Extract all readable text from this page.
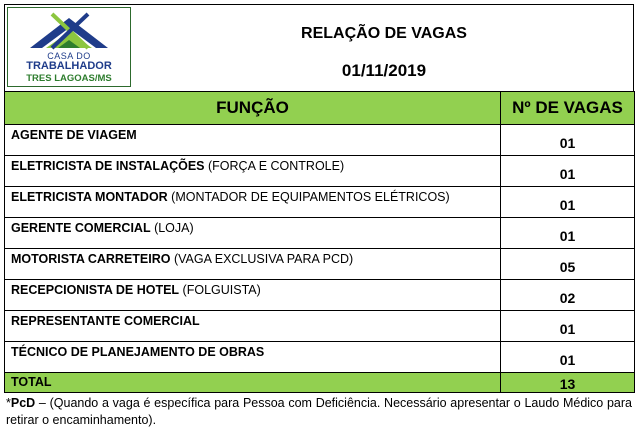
CASA DO
TRABALHADOR
TRES LAGOAS/MS
RELAÇÃO DE VAGAS
01/11/2019
FUNÇÃO	Nº DE VAGAS
AGENTE DE VIAGEM	01
ELETRICISTA DE INSTALAÇÕES (FORÇA E CONTROLE)	01
ELETRICISTA MONTADOR (MONTADOR DE EQUIPAMENTOS ELÉTRICOS)	01
GERENTE COMERCIAL (LOJA)	01
MOTORISTA CARRETEIRO (VAGA EXCLUSIVA PARA PCD)	05
RECEPCIONISTA DE HOTEL (FOLGUISTA)	02
REPRESENTANTE COMERCIAL	01
TÉCNICO DE PLANEJAMENTO DE OBRAS	01
TOTAL	13
*PcD – (Quando a vaga é específica para Pessoa com Deficiência. Necessário apresentar o Laudo Médico para retirar o encaminhamento).
